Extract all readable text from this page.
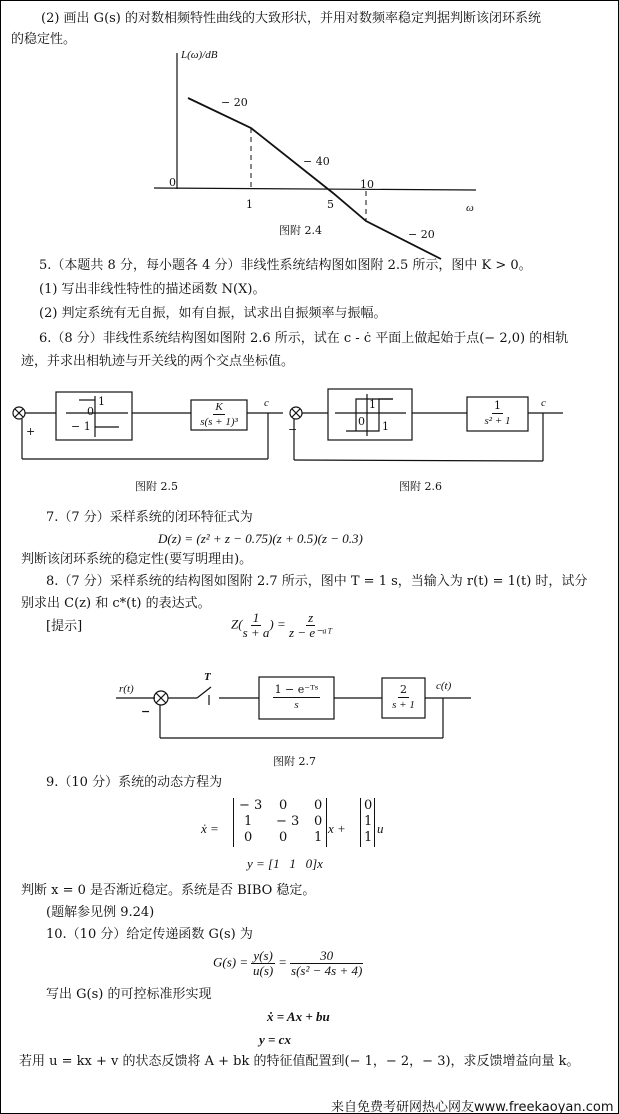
(2) 画出 G(s) 的对数相频特性曲线的大致形状，并用对数频率稳定判据判断该闭环系统
的稳定性。
L(ω)/dB
0
1	5
10
ω
− 20
− 40
− 20
图附 2.4
5.（本题共 8 分，每小题各 4 分）非线性系统结构图如图附 2.5 所示，图中 K > 0。
(1) 写出非线性特性的描述函数 N(X)。
(2) 判定系统有无自振，如有自振，试求出自振频率与振幅。
6.（8 分）非线性系统结构图如图附 2.6 所示，试在 c - ċ 平面上做起始于点(− 2,0) 的相轨
迹，并求出相轨迹与开关线的两个交点坐标值。
+
1
0
− 1	$\frac{K}{\text{s(s + 1)³}}$ c
图附 2.5
−
1
0 1	$\frac{1}{\text{s² + 1}}$	c
图附 2.6
7.（7 分）采样系统的闭环特征式为
D(z) = (z² + z − 0.75)(z + 0.5)(z − 0.3)
判断该闭环系统的稳定性(要写明理由)。
8.（7 分）采样系统的结构图如图附 2.7 所示，图中 T = 1 s，当输入为 r(t) = 1(t) 时，试分
别求出 C(z) 和 c*(t) 的表达式。
[提示]	$Z( \frac{1}{s + a}$ ) = $\frac{z}{\text{z − e⁻ᵃᵀ}}$
r(t)
−
T
$\frac{\text{1 − e⁻ᵀˢ}}{s}$	$\frac{2}{s + 1} c(t)$
图附 2.7
9.（10 分）系统的动态方程为
ẋ =
− 3 0 0
1 − 3 0
0 0 1
x +
0
1
1
u
y = [1   1   0]x
判断 x = 0 是否渐近稳定。系统是否 BIBO 稳定。
(题解参见例 9.24)
10.（10 分）给定传递函数 G(s) 为
$G(s) = \frac{y(s)}{u(s)} = \frac{30}{\text{s(s² − 4s + 4)}}$
写出 G(s) 的可控标准形实现
ẋ = Ax + bu
y = cx
若用 u = kx + v 的状态反馈将 A + bk 的特征值配置到(− 1，− 2，− 3)，求反馈增益向量 k。
来自免费考研网热心网友www.freekaoyan.com
